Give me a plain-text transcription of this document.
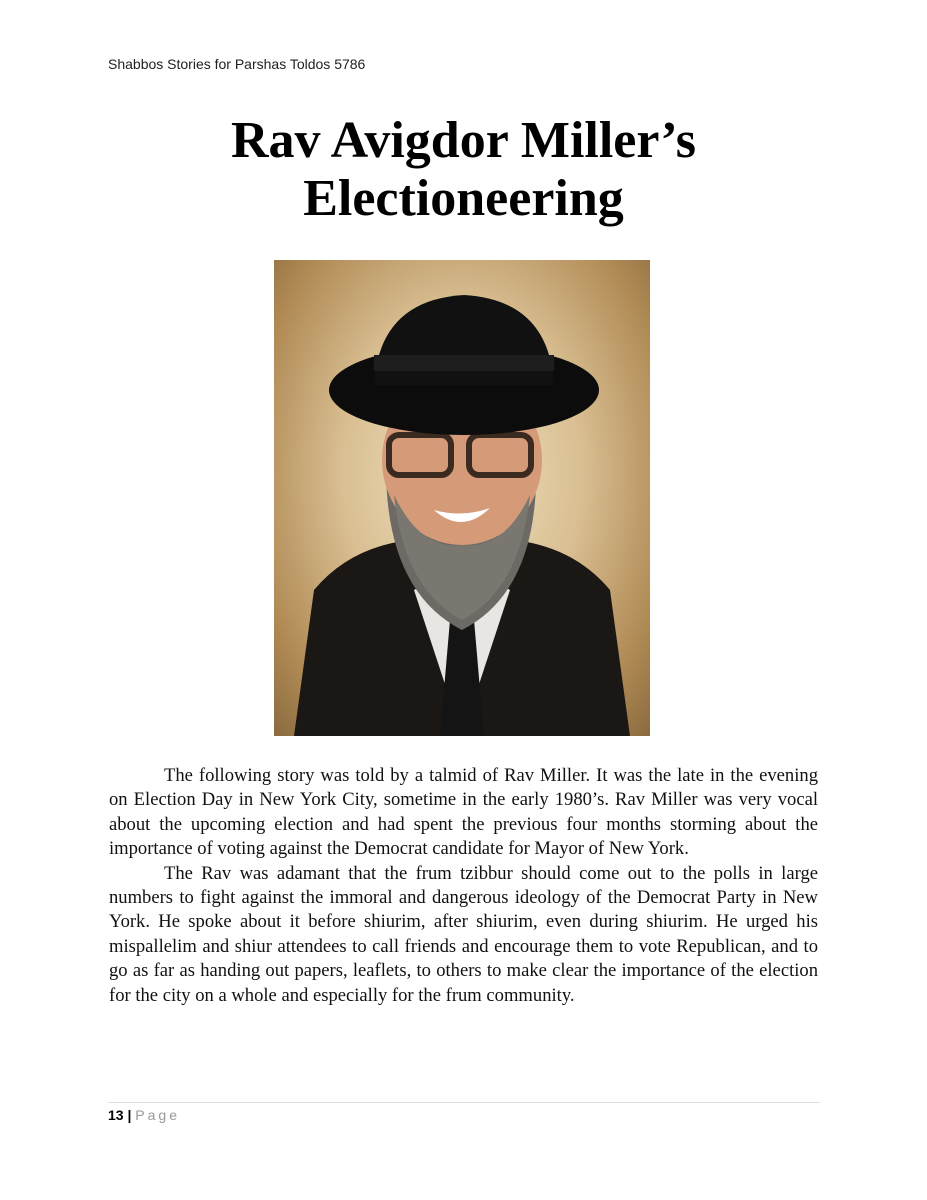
Shabbos Stories for Parshas Toldos 5786
Rav Avigdor Miller’s
Electioneering

The following story was told by a talmid of Rav Miller. It was the late in the evening on Election Day in New York City, sometime in the early 1980’s. Rav Miller was very vocal about the upcoming election and had spent the previous four months storming about the importance of voting against the Democrat candidate for Mayor of New York.

The Rav was adamant that the frum tzibbur should come out to the polls in large numbers to fight against the immoral and dangerous ideology of the Democrat Party in New York. He spoke about it before shiurim, after shiurim, even during shiurim. He urged his mispallelim and shiur attendees to call friends and encourage them to vote Republican, and to go as far as handing out papers, leaflets, to others to make clear the importance of the election for the city on a whole and especially for the frum community.

13 | Page
